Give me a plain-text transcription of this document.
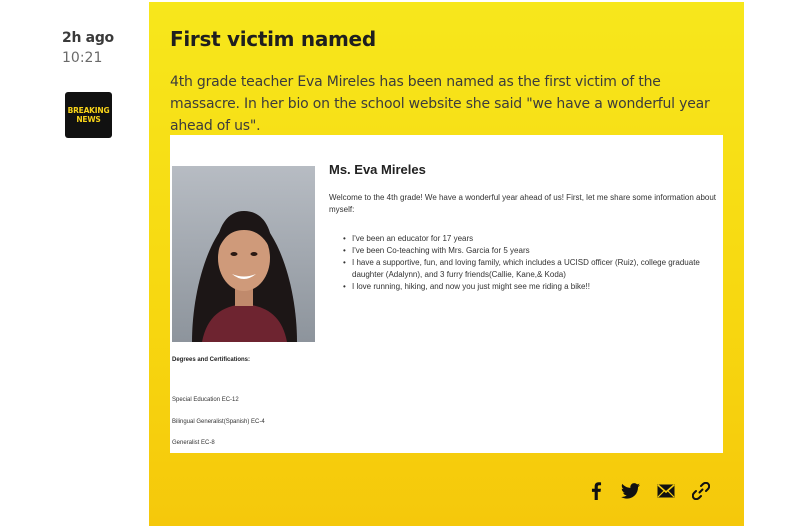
2h ago
10:21
BREAKING
NEWS
First victim named

4th grade teacher Eva Mireles has been named as the first victim of the massacre. In her bio on the school website she said "we have a wonderful year ahead of us".

Ms. Eva Mireles

Welcome to the 4th grade! We have a wonderful year ahead of us! First, let me share some information about myself:

• I've been an educator for 17 years
• I've been Co-teaching with Mrs. Garcia for 5 years
• I have a supportive, fun, and loving family, which includes a UCISD officer (Ruiz), college graduate daughter (Adalynn), and 3 furry friends(Callie, Kane,& Koda)
• I love running, hiking, and now you just might see me riding a bike!!
Degrees and Certifications:
Special Education EC-12
Bilingual Generalist(Spanish) EC-4
Generalist EC-8
